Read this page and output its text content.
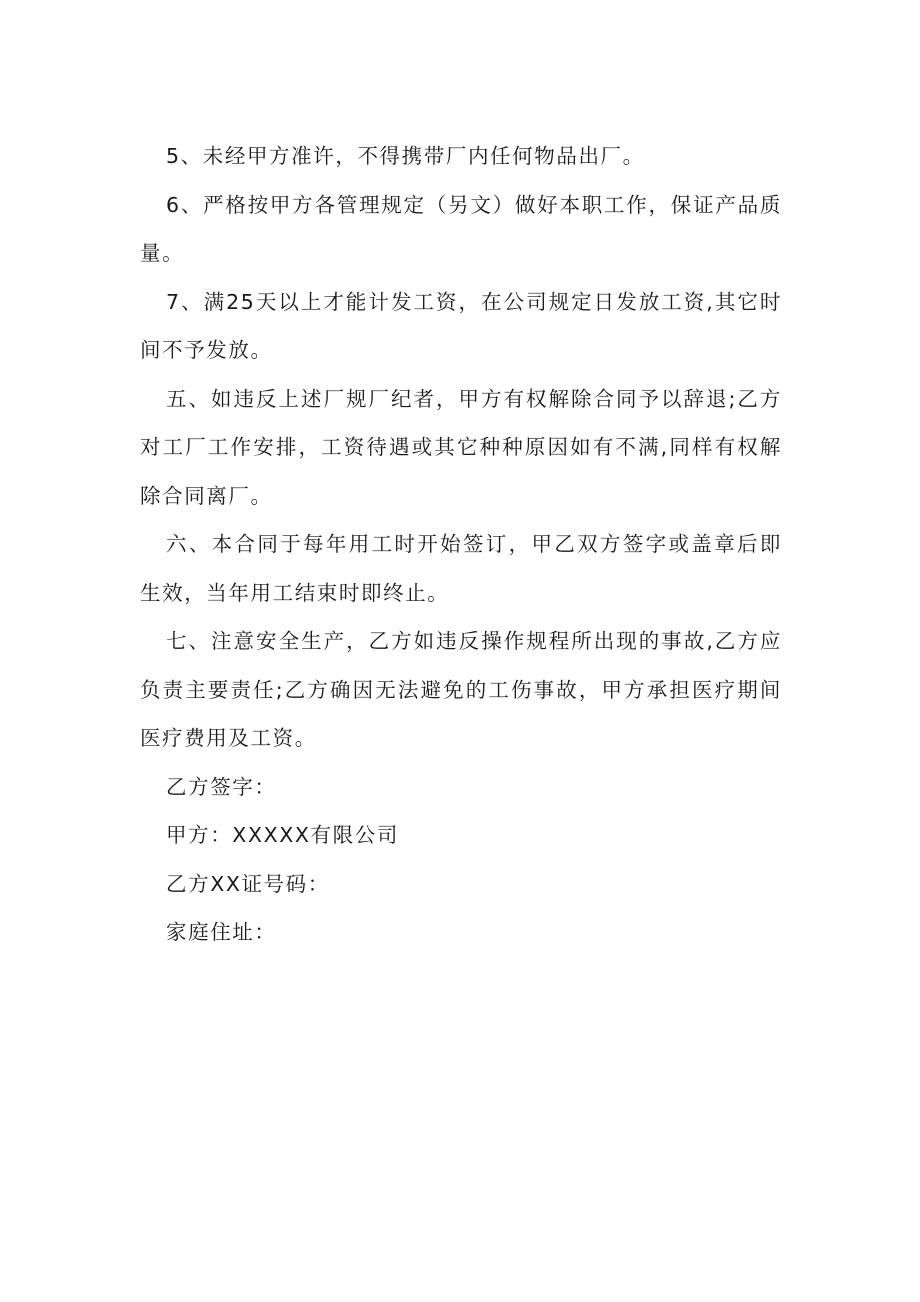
5、未经甲方准许，不得携带厂内任何物品出厂。

6、严格按甲方各管理规定（另文）做好本职工作，保证产品质量。

7、满25天以上才能计发工资，在公司规定日发放工资,其它时间不予发放。

五、如违反上述厂规厂纪者，甲方有权解除合同予以辞退;乙方对工厂工作安排，工资待遇或其它种种原因如有不满,同样有权解除合同离厂。

六、本合同于每年用工时开始签订，甲乙双方签字或盖章后即生效，当年用工结束时即终止。

七、注意安全生产，乙方如违反操作规程所出现的事故,乙方应负责主要责任;乙方确因无法避免的工伤事故，甲方承担医疗期间医疗费用及工资。

乙方签字：

甲方：XXXXX有限公司

乙方XX证号码：

家庭住址：
